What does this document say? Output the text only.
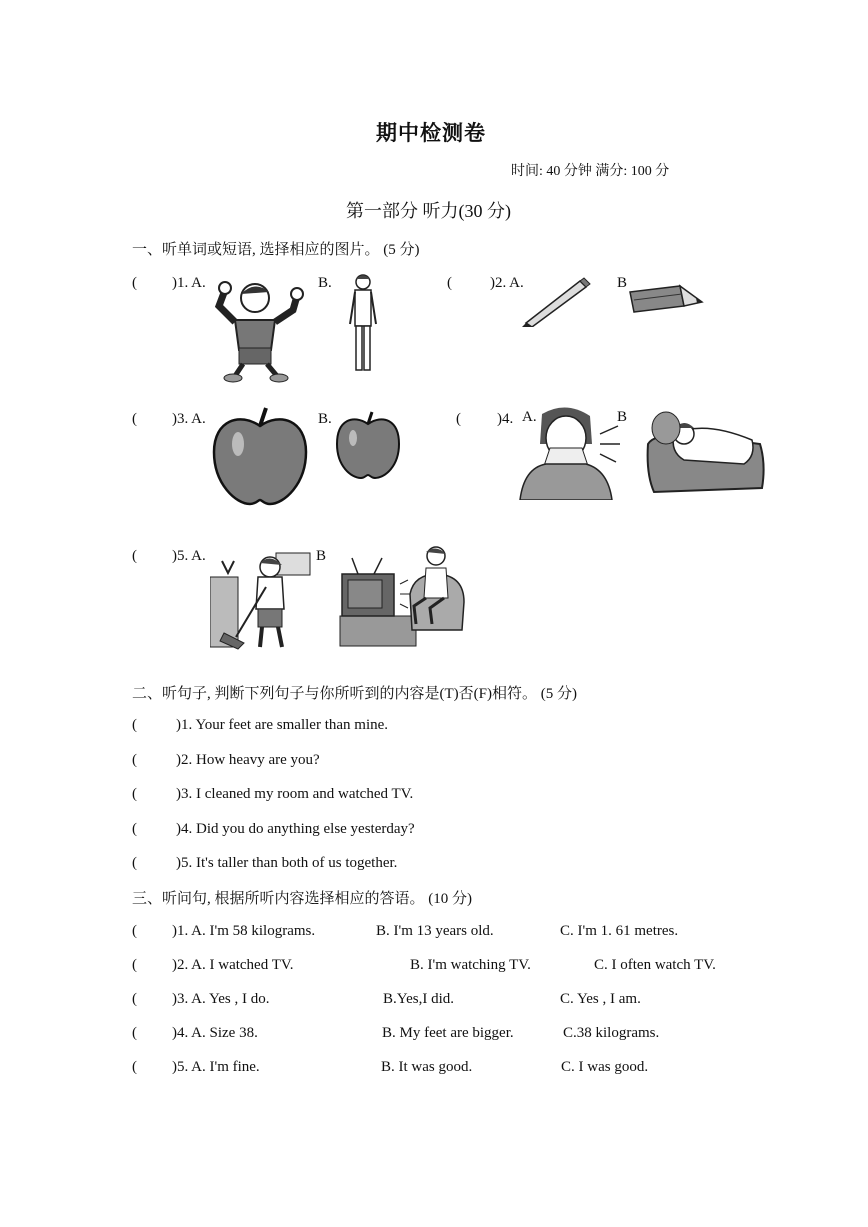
期中检测卷
时间: 40 分钟 满分: 100 分
第一部分 听力(30 分)
一、听单词或短语, 选择相应的图片。 (5 分)
( )1. A.	B.	(	)2. A.	B
( )3. A.	B.	( )4. A.	B
( )5. A.	B
二、听句子, 判断下列句子与你所听到的内容是(T)否(F)相符。 (5 分)
(	)1. Your feet are smaller than mine.
(	)2. How heavy are you?
(	)3. I cleaned my room and watched TV.
(	)4. Did you do anything else yesterday?
(	)5. It's taller than both of us together.
三、听问句, 根据所听内容选择相应的答语。 (10 分)
( )1. A. I'm 58 kilograms.	B. I'm 13 years old.	C. I'm 1. 61 metres.
( )2. A. I watched TV.	B. I'm watching TV.	C. I often watch TV.
( )3. A. Yes , I do.	B.Yes,I did.	C. Yes , I am.
( )4. A. Size 38.	B. My feet are bigger.	C.38 kilograms.
( )5. A. I'm fine.	B. It was good.	C. I was good.
